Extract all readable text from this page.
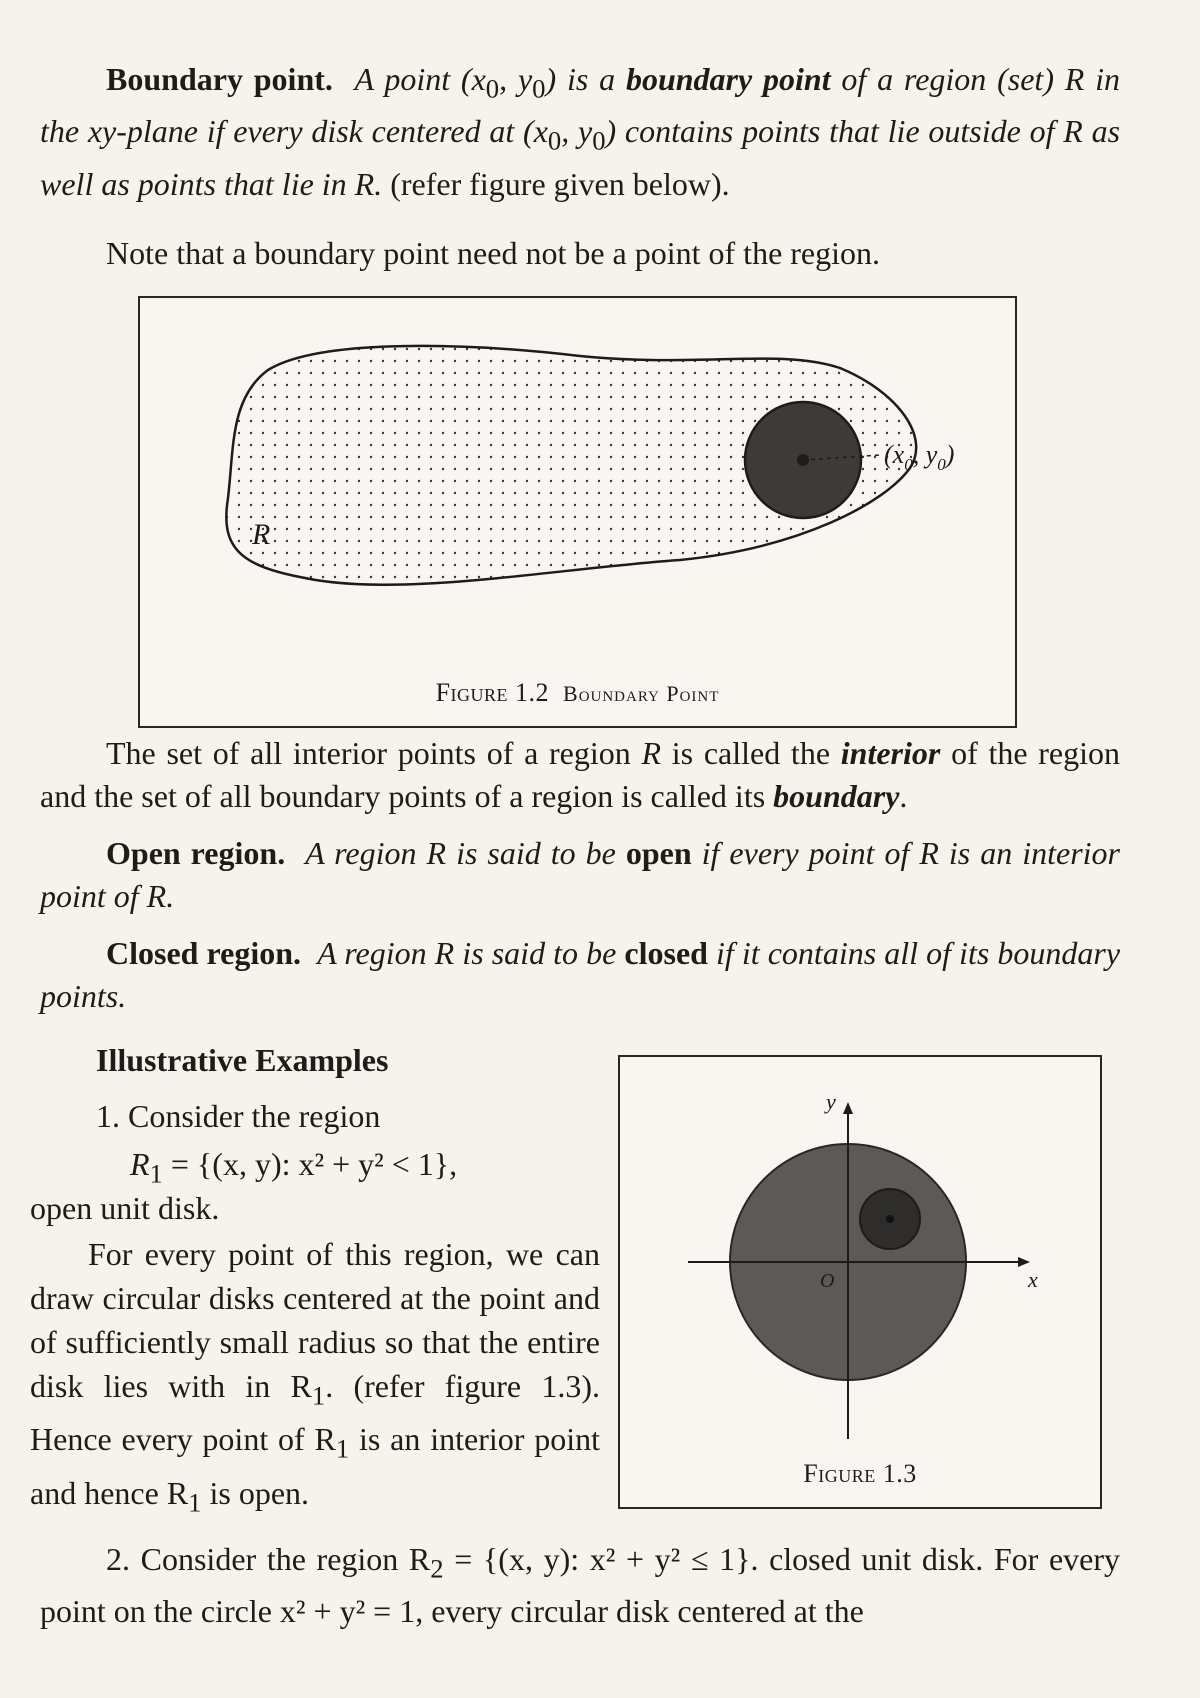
Boundary point. A point ($x_0$, $y_0$) is a boundary point of a region (set) R in the xy-plane if every disk centered at ($x_0$, $y_0$) contains points that lie outside of R as well as points that lie in R. (refer figure given below).
Note that a boundary point need not be a point of the region.
R
($x_0$, $y_0$)
Figure 1.2 Boundary Point
The set of all interior points of a region R is called the interior of the region and the set of all boundary points of a region is called its boundary.
Open region. A region R is said to be open if every point of R is an interior point of R.
Closed region. A region R is said to be closed if it contains all of its boundary points.
Illustrative Examples
1. Consider the region
$R_1 = \{(x$, y): x² + y² < 1},
open unit disk.
For every point of this region, we can draw circular disks centered at the point and of sufficiently small radius so that the entire disk lies with in $R_1$. (refer figure 1.3). Hence every point of $R_1$ is an interior point and hence $R_1$ is open.
y
x
O
Figure 1.3
2. Consider the region $R_2 = \{(x$, y): x² + y² ≤ 1}. closed unit disk. For every point on the circle x² + y² = 1, every circular disk centered at the
